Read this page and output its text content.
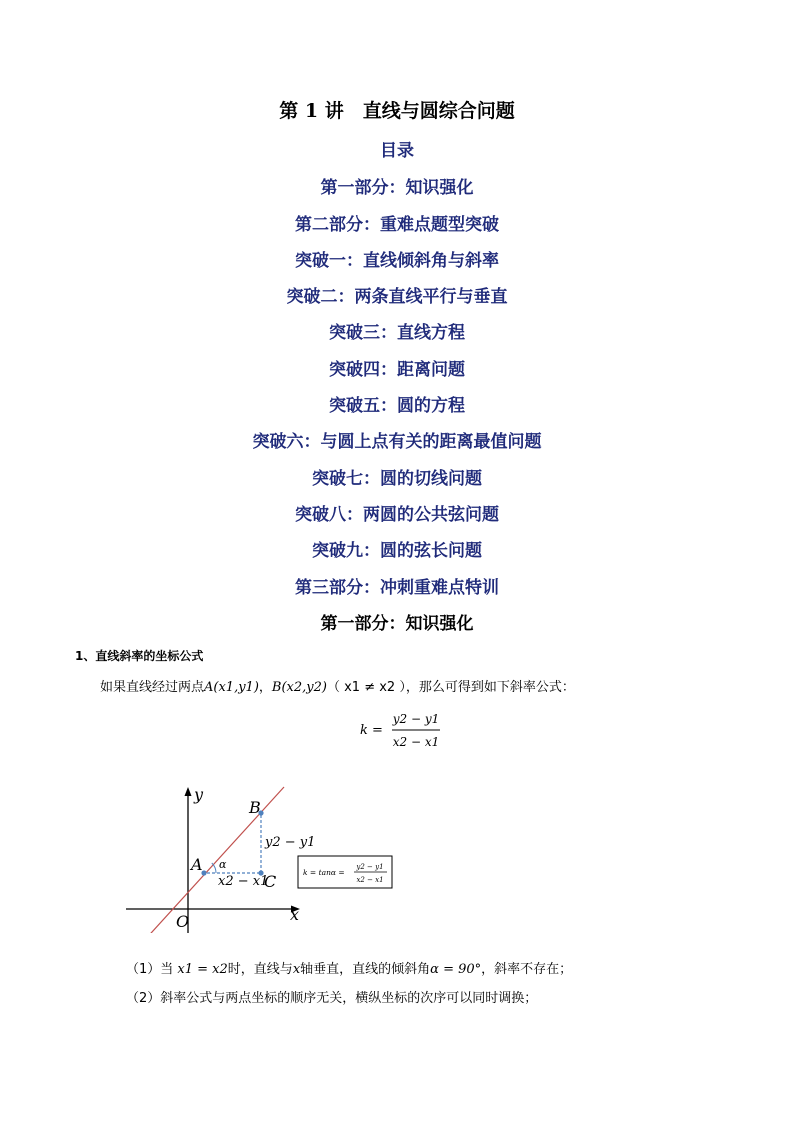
第 1 讲　直线与圆综合问题
目录
第一部分：知识强化
第二部分：重难点题型突破
突破一：直线倾斜角与斜率
突破二：两条直线平行与垂直
突破三：直线方程
突破四：距离问题
突破五：圆的方程
突破六：与圆上点有关的距离最值问题
突破七：圆的切线问题
突破八：两圆的公共弦问题
突破九：圆的弦长问题
第三部分：冲刺重难点特训
第一部分：知识强化
1、直线斜率的坐标公式
如果直线经过两点A(x1,y1)，B(x2,y2)（ x1 ≠ x2 ），那么可得到如下斜率公式：
k =
y2 − y1
x2 − x1
y
x
O
A
B
C
α
y2 − y1
x2 − x1
k = tanα =
y2 − y1
x2 − x1
（1）当 x1 = x2时，直线与x轴垂直，直线的倾斜角α = 90°，斜率不存在；
（2）斜率公式与两点坐标的顺序无关，横纵坐标的次序可以同时调换；
